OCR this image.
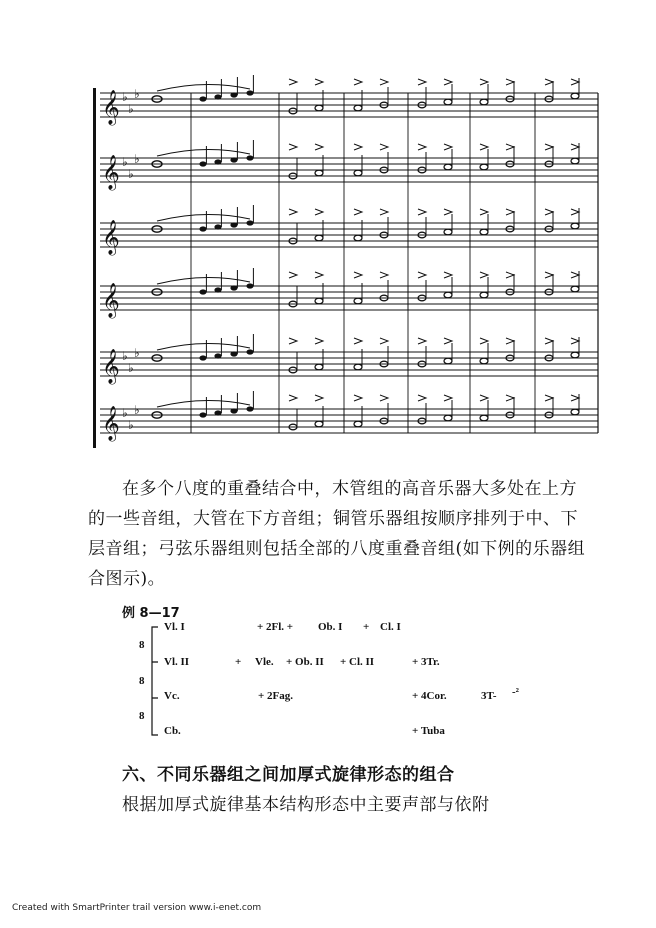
𝄞 ♭
♭
♭
𝄞 ♭
♭
♭
𝄞
𝄞
𝄞 ♭
♭
♭
𝄞 ♭
♭
♭

在多个八度的重叠结合中，木管组的高音乐器大多处在上方的一些音组，大管在下方音组；铜管乐器组按顺序排列于中、下层音组；弓弦乐器组则包括全部的八度重叠音组(如下例的乐器组合图示)。

例 8—17
8
8
8
Vl. I	+ 2Fl. + Ob. I + Cl. I
Vl. II	+ Vle. + Ob. II + Cl. II	+ 3Tr.
Vc.	+ 2Fag.	+ 4Cor.	3T- -²
Cb.	+ Tuba
六、不同乐器组之间加厚式旋律形态的组合
根据加厚式旋律基本结构形态中主要声部与依附
Created with SmartPrinter trail version www.i-enet.com
